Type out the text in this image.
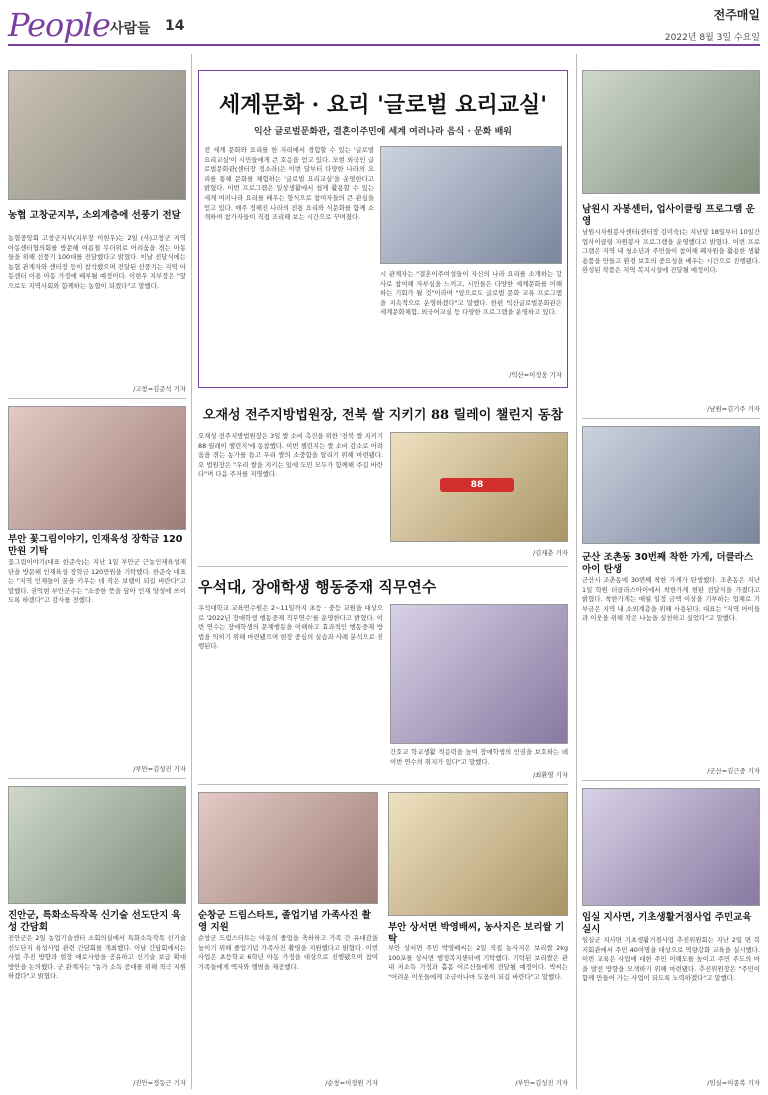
People 사람들 14
전주매일
2022년 8월 3일 수요일
농협 고창군지부, 소외계층에 선풍기 전달
농협중앙회 고창군지부(지부장 이현우)는 2일 (사)고창군 지역아동센터협의회를 방문해 여름철 무더위로 어려움을 겪는 아동들을 위해 선풍기 100대를 전달했다고 밝혔다. 이날 전달식에는 농협 관계자와 센터장 등이 참석했으며 전달된 선풍기는 지역 아동센터 이용 아동 가정에 배부될 예정이다. 이현우 지부장은 "앞으로도 지역사회와 함께하는 농협이 되겠다"고 말했다.
/고창=김준석 기자
부안 꽃그림이야기, 인재육성 장학금 120만원 기탁
꽃그림이야기(대표 한준숙)는 지난 1일 부안군 근농인재육성재단을 방문해 인재육성 장학금 120만원을 기탁했다. 한준숙 대표는 "지역 인재들이 꿈을 키우는 데 작은 보탬이 되길 바란다"고 말했다. 권익현 부안군수는 "소중한 뜻을 담아 인재 양성에 쓰이도록 하겠다"고 감사를 전했다.
/부안=김성진 기자
진안군, 특화소득작목 신기술 선도단지 육성 간담회
진안군은 2일 농업기술센터 소회의실에서 특화소득작목 신기술 선도단지 육성사업 관련 간담회를 개최했다. 이날 간담회에서는 사업 추진 방향과 현장 애로사항을 공유하고 신기술 보급 확대 방안을 논의했다. 군 관계자는 "농가 소득 증대를 위해 적극 지원하겠다"고 밝혔다.
/진안=정동근 기자
세계문화 · 요리 '글로벌 요리교실'
익산 글로벌문화관, 결혼이주민에 세계 여러나라 음식 · 문화 배워
전 세계 문화와 요리를 한 자리에서 경험할 수 있는 '글로벌 요리교실'이 시민들에게 큰 호응을 얻고 있다. 모현 외국인 글로벌문화관(센터장 정소라)은 이번 달부터 다양한 나라의 요리를 통해 문화를 체험하는 '글로벌 요리교실'을 운영한다고 밝혔다. 이번 프로그램은 일상생활에서 쉽게 활용할 수 있는 세계 여러나라 요리를 배우는 형식으로 참여자들의 큰 관심을 얻고 있다. 매주 정해진 나라의 전통 요리와 식문화를 함께 소개하며 참가자들이 직접 조리해 보는 시간으로 꾸며졌다.
시 관계자는 "결혼이주여성들이 자신의 나라 요리를 소개하는 강사로 참여해 자부심을 느끼고, 시민들은 다양한 세계문화를 이해하는 기회가 될 것"이라며 "앞으로도 글로벌 문화 교류 프로그램을 지속적으로 운영하겠다"고 말했다. 한편 익산글로벌문화관은 세계문화체험, 외국어교실 등 다양한 프로그램을 운영하고 있다.
/익산=이정웅 기자
오재성 전주지방법원장, 전북 쌀 지키기 88 릴레이 챌린지 동참
오재성 전주지방법원장은 3일 쌀 소비 촉진을 위한 '전북 쌀 지키기 88 릴레이 챌린지'에 동참했다. 이번 챌린지는 쌀 소비 감소로 어려움을 겪는 농가를 돕고 우리 쌀의 소중함을 알리기 위해 마련됐다. 오 법원장은 "우리 쌀을 지키는 일에 도민 모두가 함께해 주길 바란다"며 다음 주자를 지명했다.
88
/김재춘 기자
우석대, 장애학생 행동중재 직무연수
우석대학교 교육연수원은 2~11일까지 초등 · 중등 교원을 대상으로 '2022년 장애학생 행동중재 직무연수'를 운영한다고 밝혔다. 이번 연수는 장애학생의 문제행동을 이해하고 효과적인 행동중재 방법을 익히기 위해 마련됐으며 현장 중심의 실습과 사례 분석으로 진행된다.
간호교 학교생활 적응력을 높여 장애학생의 인권을 보호하는 데 이번 연수의 취지가 있다"고 말했다.
/최환영 기자
순창군 드림스타트, 졸업기념 가족사진 촬영 지원
순창군 드림스타트는 아동의 졸업을 축하하고 가족 간 유대감을 높이기 위해 졸업기념 가족사진 촬영을 지원했다고 밝혔다. 이번 사업은 초등학교 6학년 아동 가정을 대상으로 진행됐으며 참여 가족들에게 액자와 앨범을 제공했다.
/순창=이정원 기자
부안 상서면 박영배씨, 농사지은 보리쌀 기탁
부안 상서면 주민 박영배씨는 2일 직접 농사지은 보리쌀 2kg 100포를 상서면 행정복지센터에 기탁했다. 기탁된 보리쌀은 관내 저소득 가정과 홀몸 어르신들에게 전달될 예정이다. 박씨는 "어려운 이웃들에게 조금이나마 도움이 되길 바란다"고 말했다.
/부안=김성진 기자
남원시 자봉센터, 업사이클링 프로그램 운영
남원시자원봉사센터(센터장 김미숙)는 지난달 18일부터 10일간 업사이클링 자원봉사 프로그램을 운영했다고 밝혔다. 이번 프로그램은 지역 내 청소년과 주민들이 참여해 폐자원을 활용한 생활용품을 만들고 환경 보호의 중요성을 배우는 시간으로 진행됐다. 완성된 작품은 지역 복지시설에 전달될 예정이다.
/남원=김기주 기자
군산 조촌동 30번째 착한 가게, 더클라스아이 탄생
군산시 조촌동에 30번째 착한 가게가 탄생했다. 조촌동은 지난 1일 학원 더클라스아이에서 착한가게 현판 전달식을 가졌다고 밝혔다. 착한가게는 매월 일정 금액 이상을 기부하는 업체로 기부금은 지역 내 소외계층을 위해 사용된다. 대표는 "지역 아이들과 이웃을 위해 작은 나눔을 실천하고 싶었다"고 말했다.
/군산=김근중 기자
임실 지사면, 기초생활거점사업 주민교육 실시
임실군 지사면 기초생활거점사업 추진위원회는 지난 2일 면 복지회관에서 주민 40여명을 대상으로 역량강화 교육을 실시했다. 이번 교육은 사업에 대한 주민 이해도를 높이고 주민 주도의 마을 발전 방향을 모색하기 위해 마련됐다. 추진위원장은 "주민이 함께 만들어 가는 사업이 되도록 노력하겠다"고 말했다.
/임실=이종복 기자
